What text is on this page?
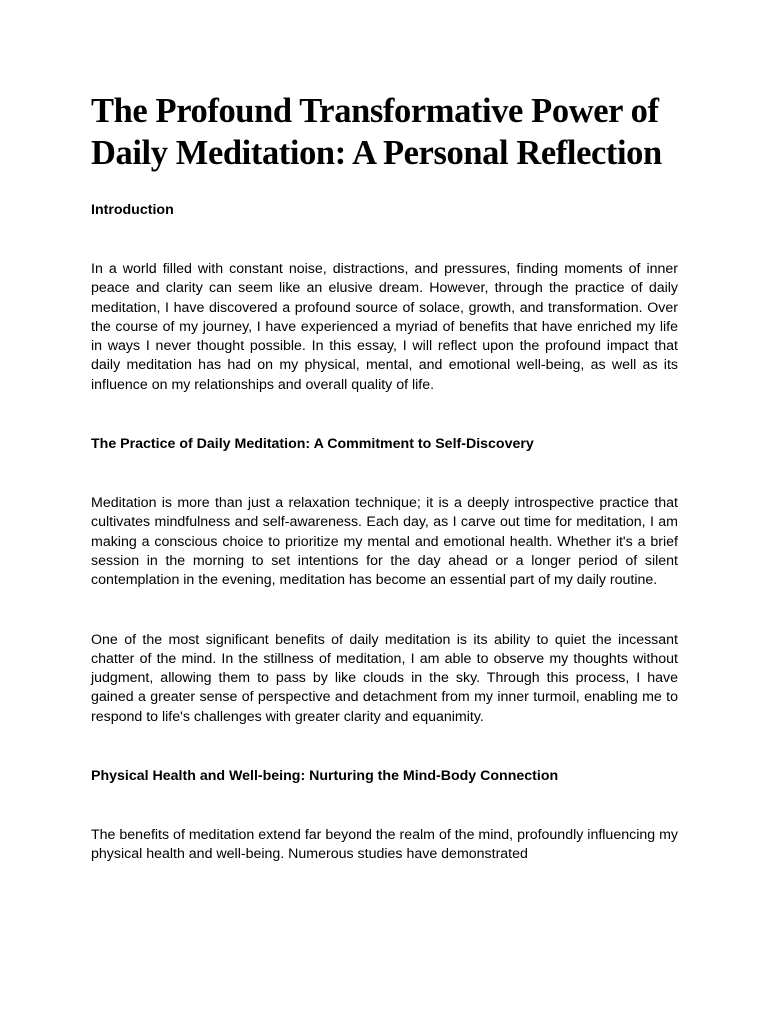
The Profound Transformative Power of Daily Meditation: A Personal Reflection
Introduction

In a world filled with constant noise, distractions, and pressures, finding moments of inner peace and clarity can seem like an elusive dream. However, through the practice of daily meditation, I have discovered a profound source of solace, growth, and transformation. Over the course of my journey, I have experienced a myriad of benefits that have enriched my life in ways I never thought possible. In this essay, I will reflect upon the profound impact that daily meditation has had on my physical, mental, and emotional well-being, as well as its influence on my relationships and overall quality of life.

The Practice of Daily Meditation: A Commitment to Self-Discovery

Meditation is more than just a relaxation technique; it is a deeply introspective practice that cultivates mindfulness and self-awareness. Each day, as I carve out time for meditation, I am making a conscious choice to prioritize my mental and emotional health. Whether it's a brief session in the morning to set intentions for the day ahead or a longer period of silent contemplation in the evening, meditation has become an essential part of my daily routine.

One of the most significant benefits of daily meditation is its ability to quiet the incessant chatter of the mind. In the stillness of meditation, I am able to observe my thoughts without judgment, allowing them to pass by like clouds in the sky. Through this process, I have gained a greater sense of perspective and detachment from my inner turmoil, enabling me to respond to life's challenges with greater clarity and equanimity.

Physical Health and Well-being: Nurturing the Mind-Body Connection

The benefits of meditation extend far beyond the realm of the mind, profoundly influencing my physical health and well-being. Numerous studies have demonstrated
